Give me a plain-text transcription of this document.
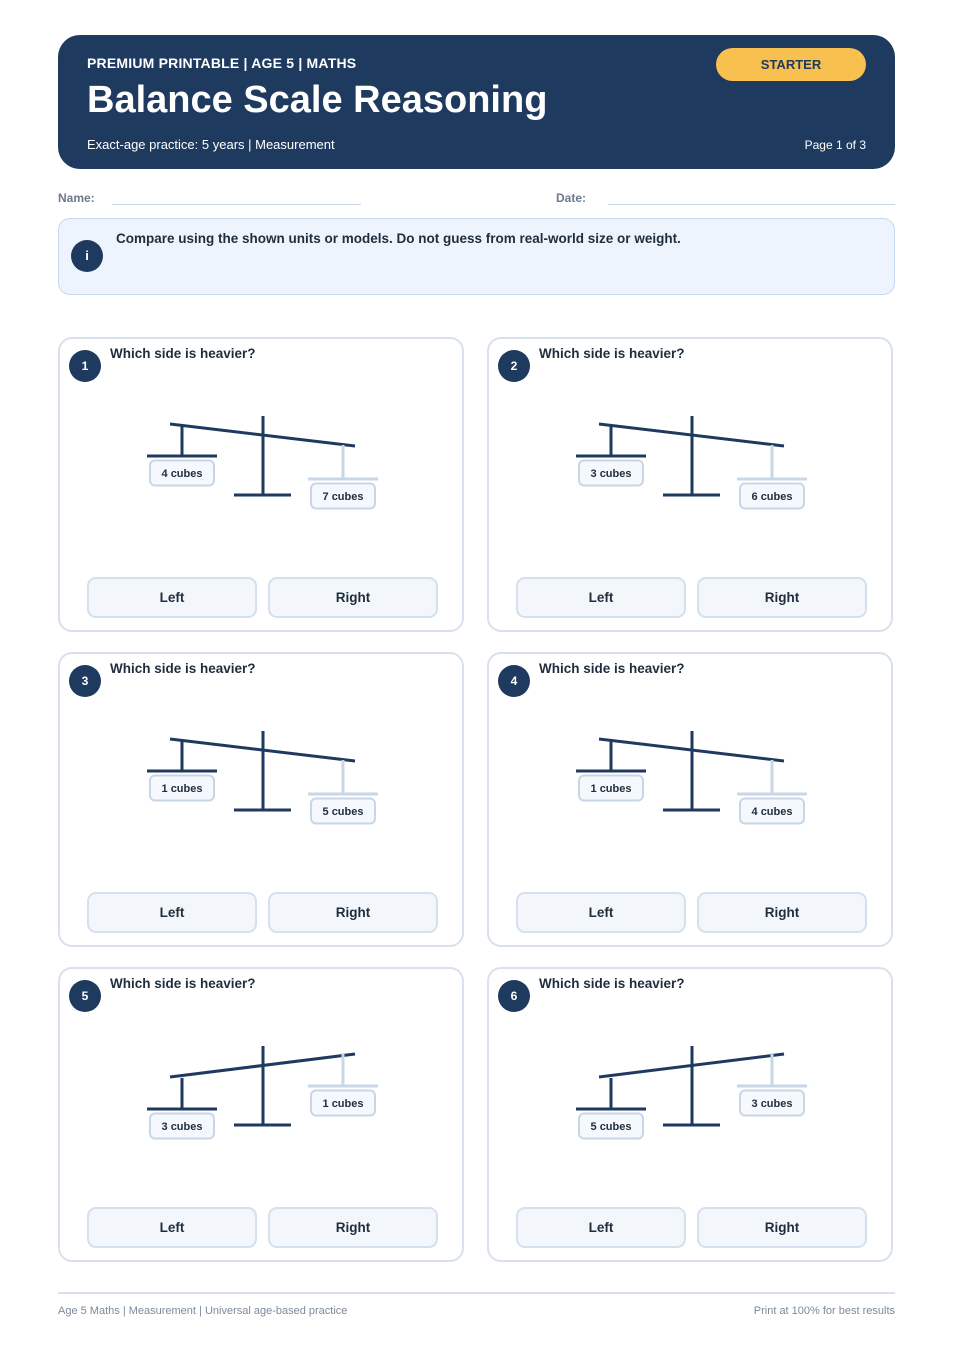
PREMIUM PRINTABLE | AGE 5 | MATHS
Balance Scale Reasoning
Exact-age practice: 5 years | Measurement
STARTER
Page 1 of 3
Name:	Date:
i
Compare using the shown units or models. Do not guess from real-world size or weight.
1
Which side is heavier?
Left	Right
4 cubes
7 cubes
2
Which side is heavier?
Left	Right
3 cubes
6 cubes
3
Which side is heavier?
Left	Right
1 cubes
5 cubes
4
Which side is heavier?
Left	Right
1 cubes
4 cubes
5
Which side is heavier?
Left	Right
3 cubes
1 cubes
6
Which side is heavier?
Left	Right
5 cubes
3 cubes
Age 5 Maths | Measurement | Universal age-based practice	Print at 100% for best results
